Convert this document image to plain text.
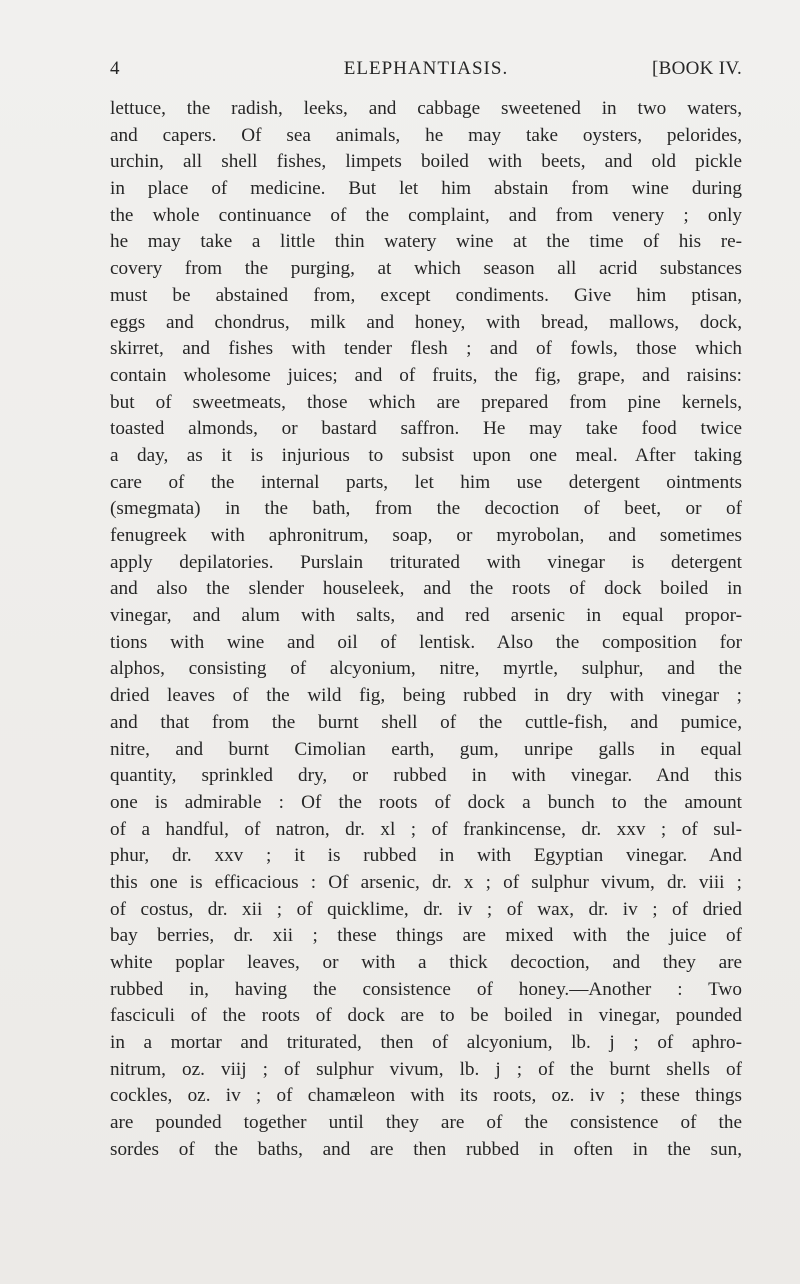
4	ELEPHANTIASIS.	[BOOK IV.
lettuce, the radish, leeks, and cabbage sweetened in two waters,
and capers. Of sea animals, he may take oysters, pelorides,
urchin, all shell fishes, limpets boiled with beets, and old pickle
in place of medicine. But let him abstain from wine during
the whole continuance of the complaint, and from venery ; only
he may take a little thin watery wine at the time of his re-
covery from the purging, at which season all acrid substances
must be abstained from, except condiments. Give him ptisan,
eggs and chondrus, milk and honey, with bread, mallows, dock,
skirret, and fishes with tender flesh ; and of fowls, those which
contain wholesome juices; and of fruits, the fig, grape, and raisins:
but of sweetmeats, those which are prepared from pine kernels,
toasted almonds, or bastard saffron. He may take food twice
a day, as it is injurious to subsist upon one meal. After taking
care of the internal parts, let him use detergent ointments
(smegmata) in the bath, from the decoction of beet, or of
fenugreek with aphronitrum, soap, or myrobolan, and sometimes
apply depilatories. Purslain triturated with vinegar is detergent
and also the slender houseleek, and the roots of dock boiled in
vinegar, and alum with salts, and red arsenic in equal propor-
tions with wine and oil of lentisk. Also the composition for
alphos, consisting of alcyonium, nitre, myrtle, sulphur, and the
dried leaves of the wild fig, being rubbed in dry with vinegar ;
and that from the burnt shell of the cuttle-fish, and pumice,
nitre, and burnt Cimolian earth, gum, unripe galls in equal
quantity, sprinkled dry, or rubbed in with vinegar. And this
one is admirable : Of the roots of dock a bunch to the amount
of a handful, of natron, dr. xl ; of frankincense, dr. xxv ; of sul-
phur, dr. xxv ; it is rubbed in with Egyptian vinegar. And
this one is efficacious : Of arsenic, dr. x ; of sulphur vivum, dr. viii ;
of costus, dr. xii ; of quicklime, dr. iv ; of wax, dr. iv ; of dried
bay berries, dr. xii ; these things are mixed with the juice of
white poplar leaves, or with a thick decoction, and they are
rubbed in, having the consistence of honey.—Another : Two
fasciculi of the roots of dock are to be boiled in vinegar, pounded
in a mortar and triturated, then of alcyonium, lb. j ; of aphro-
nitrum, oz. viij ; of sulphur vivum, lb. j ; of the burnt shells of
cockles, oz. iv ; of chamæleon with its roots, oz. iv ; these things
are pounded together until they are of the consistence of the
sordes of the baths, and are then rubbed in often in the sun,
